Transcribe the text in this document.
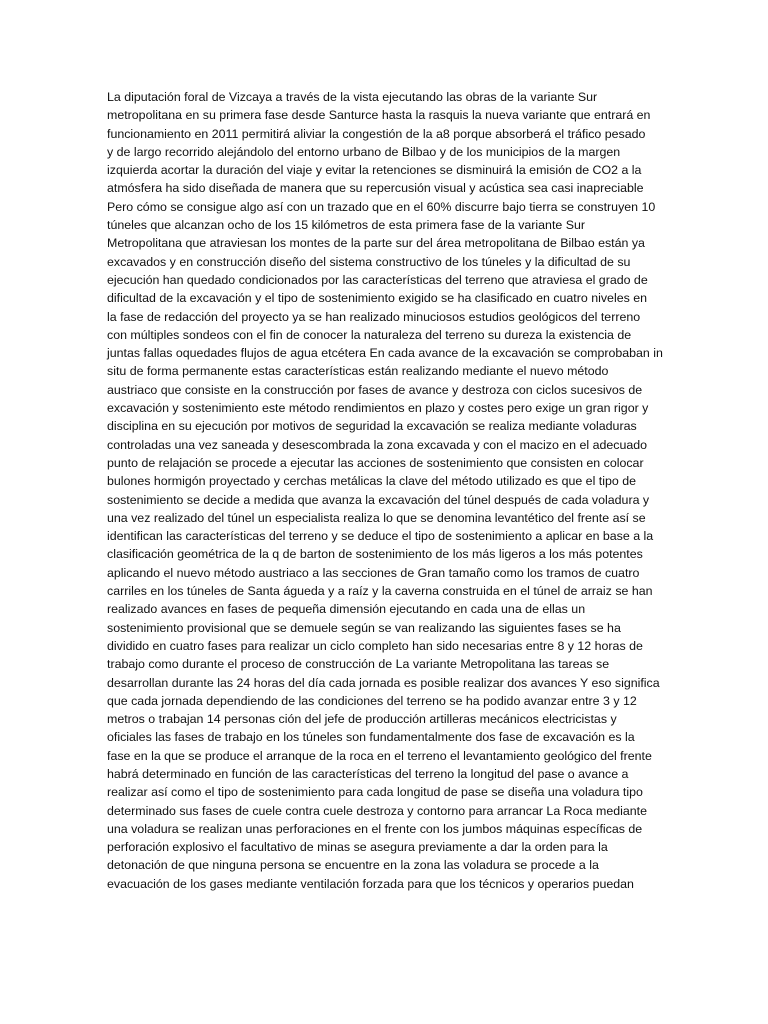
La diputación foral de Vizcaya a través de la vista ejecutando las obras de la variante Sur
metropolitana en su primera fase desde Santurce hasta la rasquis la nueva variante que entrará en
funcionamiento en 2011 permitirá aliviar la congestión de la a8 porque absorberá el tráfico pesado
y de largo recorrido alejándolo del entorno urbano de Bilbao y de los municipios de la margen
izquierda acortar la duración del viaje y evitar la retenciones se disminuirá la emisión de CO2 a la
atmósfera ha sido diseñada de manera que su repercusión visual y acústica sea casi inapreciable
Pero cómo se consigue algo así con un trazado que en el 60% discurre bajo tierra se construyen 10
túneles que alcanzan ocho de los 15 kilómetros de esta primera fase de la variante Sur
Metropolitana que atraviesan los montes de la parte sur del área metropolitana de Bilbao están ya
excavados y en construcción diseño del sistema constructivo de los túneles y la dificultad de su
ejecución han quedado condicionados por las características del terreno que atraviesa el grado de
dificultad de la excavación y el tipo de sostenimiento exigido se ha clasificado en cuatro niveles en
la fase de redacción del proyecto ya se han realizado minuciosos estudios geológicos del terreno
con múltiples sondeos con el fin de conocer la naturaleza del terreno su dureza la existencia de
juntas fallas oquedades flujos de agua etcétera En cada avance de la excavación se comprobaban in
situ de forma permanente estas características están realizando mediante el nuevo método
austriaco que consiste en la construcción por fases de avance y destroza con ciclos sucesivos de
excavación y sostenimiento este método rendimientos en plazo y costes pero exige un gran rigor y
disciplina en su ejecución por motivos de seguridad la excavación se realiza mediante voladuras
controladas una vez saneada y desescombrada la zona excavada y con el macizo en el adecuado
punto de relajación se procede a ejecutar las acciones de sostenimiento que consisten en colocar
bulones hormigón proyectado y cerchas metálicas la clave del método utilizado es que el tipo de
sostenimiento se decide a medida que avanza la excavación del túnel después de cada voladura y
una vez realizado del túnel un especialista realiza lo que se denomina levantético del frente así se
identifican las características del terreno y se deduce el tipo de sostenimiento a aplicar en base a la
clasificación geométrica de la q de barton de sostenimiento de los más ligeros a los más potentes
aplicando el nuevo método austriaco a las secciones de Gran tamaño como los tramos de cuatro
carriles en los túneles de Santa águeda y a raíz y la caverna construida en el túnel de arraiz se han
realizado avances en fases de pequeña dimensión ejecutando en cada una de ellas un
sostenimiento provisional que se demuele según se van realizando las siguientes fases se ha
dividido en cuatro fases para realizar un ciclo completo han sido necesarias entre 8 y 12 horas de
trabajo como durante el proceso de construcción de La variante Metropolitana las tareas se
desarrollan durante las 24 horas del día cada jornada es posible realizar dos avances Y eso significa
que cada jornada dependiendo de las condiciones del terreno se ha podido avanzar entre 3 y 12
metros o trabajan 14 personas ción del jefe de producción artilleras mecánicos electricistas y
oficiales las fases de trabajo en los túneles son fundamentalmente dos fase de excavación es la
fase en la que se produce el arranque de la roca en el terreno el levantamiento geológico del frente
habrá determinado en función de las características del terreno la longitud del pase o avance a
realizar así como el tipo de sostenimiento para cada longitud de pase se diseña una voladura tipo
determinado sus fases de cuele contra cuele destroza y contorno para arrancar La Roca mediante
una voladura se realizan unas perforaciones en el frente con los jumbos máquinas específicas de
perforación explosivo el facultativo de minas se asegura previamente a dar la orden para la
detonación de que ninguna persona se encuentre en la zona las voladura se procede a la
evacuación de los gases mediante ventilación forzada para que los técnicos y operarios puedan
